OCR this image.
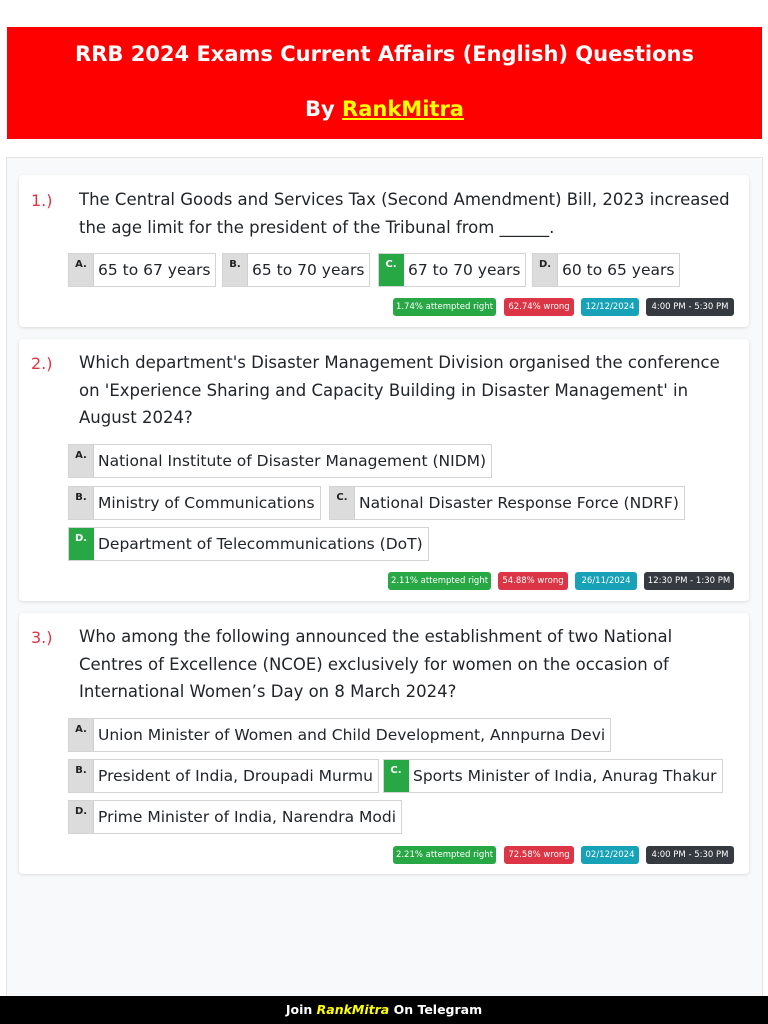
RRB 2024 Exams Current Affairs (English) Questions
By RankMitra
1.) The Central Goods and Services Tax (Second Amendment) Bill, 2023 increased the age limit for the president of the Tribunal from ______.
A. 65 to 67 years	B. 65 to 70 years	C. 67 to 70 years	D. 60 to 65 years
1.74% attempted right	62.74% wrong	12/12/2024	4:00 PM - 5:30 PM
2.) Which department's Disaster Management Division organised the conference on 'Experience Sharing and Capacity Building in Disaster Management' in August 2024?
A. National Institute of Disaster Management (NIDM)
B. Ministry of Communications	C. National Disaster Response Force (NDRF)
D. Department of Telecommunications (DoT)
2.11% attempted right	54.88% wrong	26/11/2024	12:30 PM - 1:30 PM
3.) Who among the following announced the establishment of two National Centres of Excellence (NCOE) exclusively for women on the occasion of International Women’s Day on 8 March 2024?
A. Union Minister of Women and Child Development, Annpurna Devi
B. President of India, Droupadi Murmu	C. Sports Minister of India, Anurag Thakur
D. Prime Minister of India, Narendra Modi
2.21% attempted right	72.58% wrong	02/12/2024	4:00 PM - 5:30 PM
Join RankMitra On Telegram
